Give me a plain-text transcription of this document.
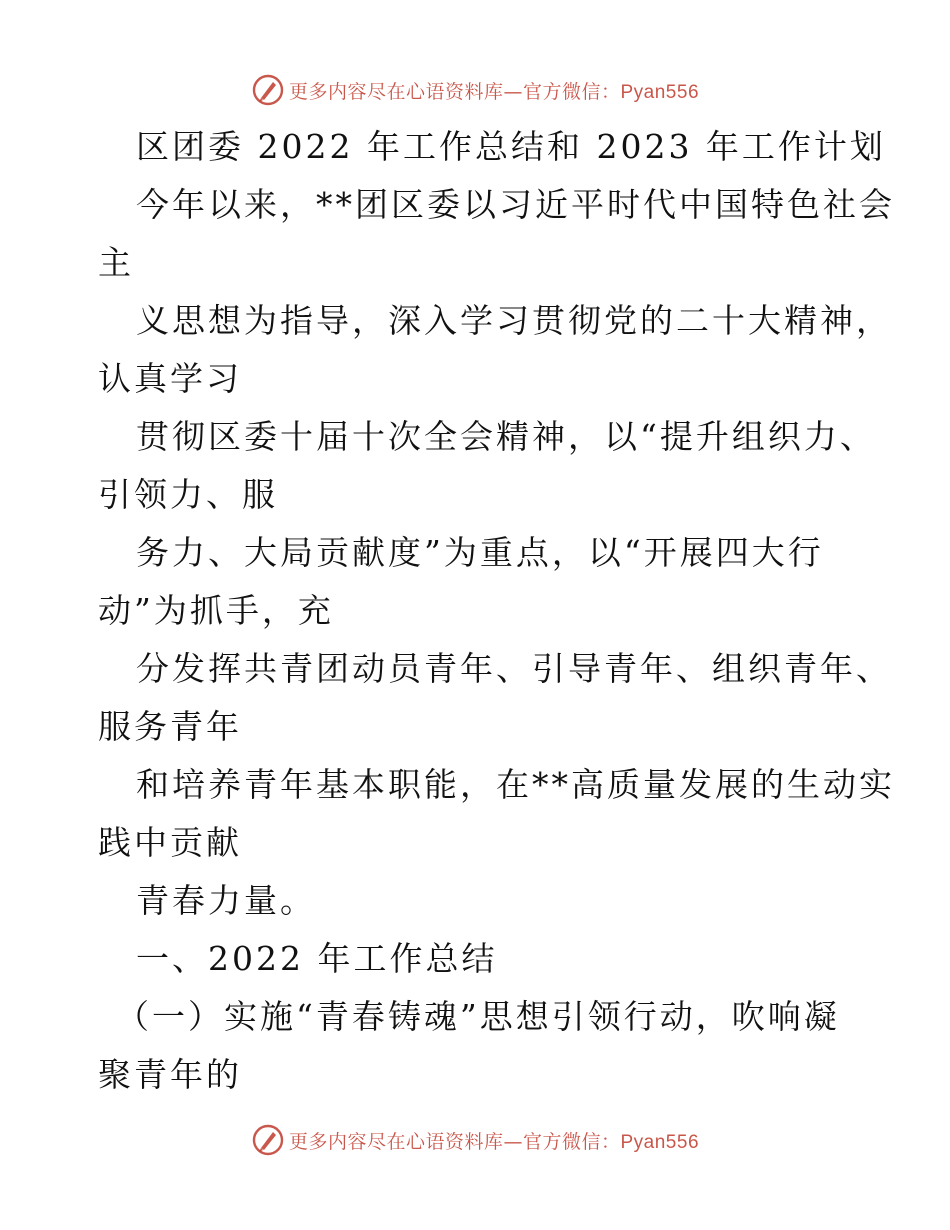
更多内容尽在心语资料库—官方微信：Pyan556
区团委 2022 年工作总结和 2023 年工作计划
今年以来，**团区委以习近平时代中国特色社会
主
义思想为指导，深入学习贯彻党的二十大精神，
认真学习
贯彻区委十届十次全会精神，以“提升组织力、
引领力、服
务力、大局贡献度”为重点，以“开展四大行
动”为抓手，充
分发挥共青团动员青年、引导青年、组织青年、
服务青年
和培养青年基本职能，在**高质量发展的生动实
践中贡献
青春力量。
一、2022 年工作总结
（一）实施“青春铸魂”思想引领行动，吹响凝
聚青年的
更多内容尽在心语资料库—官方微信：Pyan556
